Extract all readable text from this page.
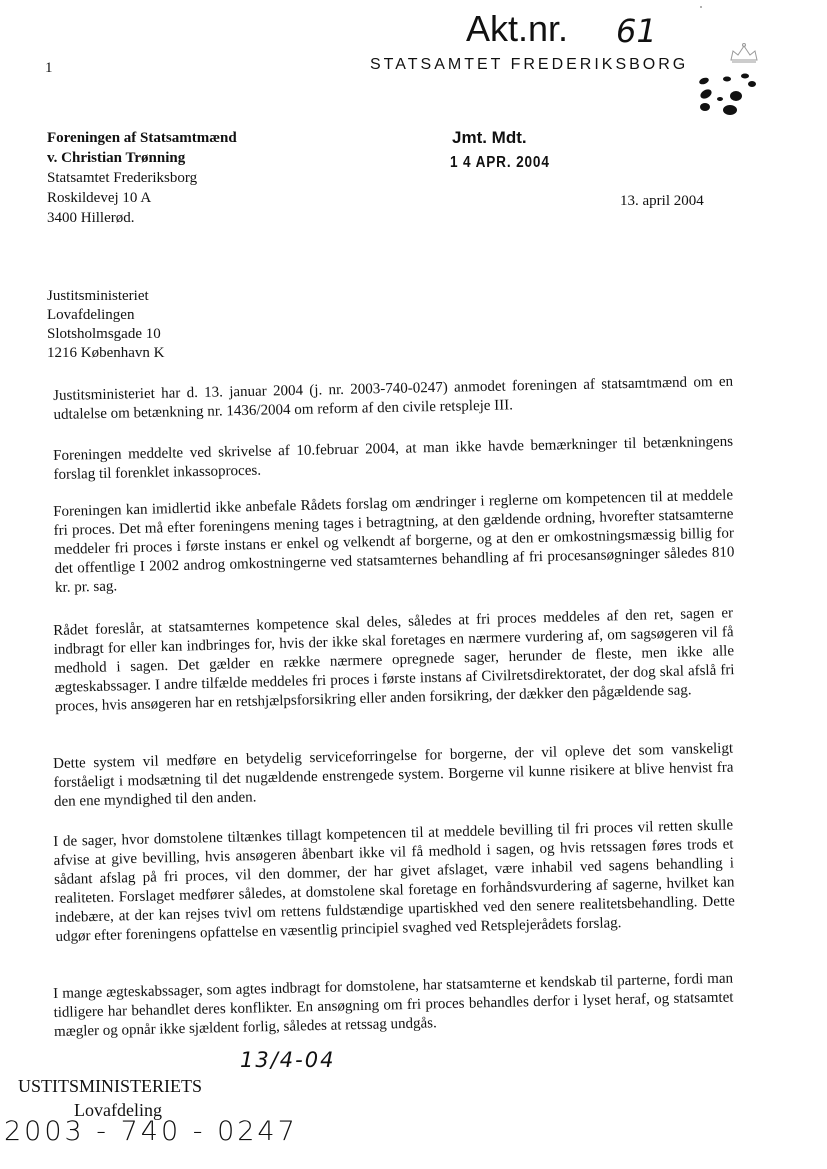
1
Akt.nr. 61
STATSAMTET FREDERIKSBORG
Foreningen af Statsamtmænd
v. Christian Trønning
Statsamtet Frederiksborg
Roskildevej 10 A
3400 Hillerød.
Jmt. Mdt.
1 4 APR. 2004
13. april 2004
Justitsministeriet
Lovafdelingen
Slotsholmsgade 10
1216 København K

Justitsministeriet har d. 13. januar 2004 (j. nr. 2003-740-0247) anmodet foreningen af statsamtmænd om en udtalelse om betænkning nr. 1436/2004 om reform af den civile retspleje III.

Foreningen meddelte ved skrivelse af 10.februar 2004, at man ikke havde bemærkninger til betænkningens forslag til forenklet inkassoproces.

Foreningen kan imidlertid ikke anbefale Rådets forslag om ændringer i reglerne om kompetencen til at meddele fri proces. Det må efter foreningens mening tages i betragtning, at den gældende ordning, hvorefter statsamterne meddeler fri proces i første instans er enkel og velkendt af borgerne, og at den er omkostningsmæssig billig for det offentlige I 2002 androg omkostningerne ved statsamternes behandling af fri procesansøgninger således 810 kr. pr. sag.

Rådet foreslår, at statsamternes kompetence skal deles, således at fri proces meddeles af den ret, sagen er indbragt for eller kan indbringes for, hvis der ikke skal foretages en nærmere vurdering af, om sagsøgeren vil få medhold i sagen. Det gælder en række nærmere opregnede sager, herunder de fleste, men ikke alle ægteskabssager. I andre tilfælde meddeles fri proces i første instans af Civilretsdirektoratet, der dog skal afslå fri proces, hvis ansøgeren har en retshjælpsforsikring eller anden forsikring, der dækker den pågældende sag.

Dette system vil medføre en betydelig serviceforringelse for borgerne, der vil opleve det som vanskeligt forståeligt i modsætning til det nugældende enstrengede system. Borgerne vil kunne risikere at blive henvist fra den ene myndighed til den anden.

I de sager, hvor domstolene tiltænkes tillagt kompetencen til at meddele bevilling til fri proces vil retten skulle afvise at give bevilling, hvis ansøgeren åbenbart ikke vil få medhold i sagen, og hvis retssagen føres trods et sådant afslag på fri proces, vil den dommer, der har givet afslaget, være inhabil ved sagens behandling i realiteten. Forslaget medfører således, at domstolene skal foretage en forhåndsvurdering af sagerne, hvilket kan indebære, at der kan rejses tvivl om rettens fuldstændige upartiskhed ved den senere realitetsbehandling. Dette udgør efter foreningens opfattelse en væsentlig principiel svaghed ved Retsplejerådets forslag.

I mange ægteskabssager, som agtes indbragt for domstolene, har statsamterne et kendskab til parterne, fordi man tidligere har behandlet deres konflikter. En ansøgning om fri proces behandles derfor i lyset heraf, og statsamtet mægler og opnår ikke sjældent forlig, således at retssag undgås.

13/4-04
USTITSMINISTERIETS
Lovafdeling
2003 - 740 - 0247
